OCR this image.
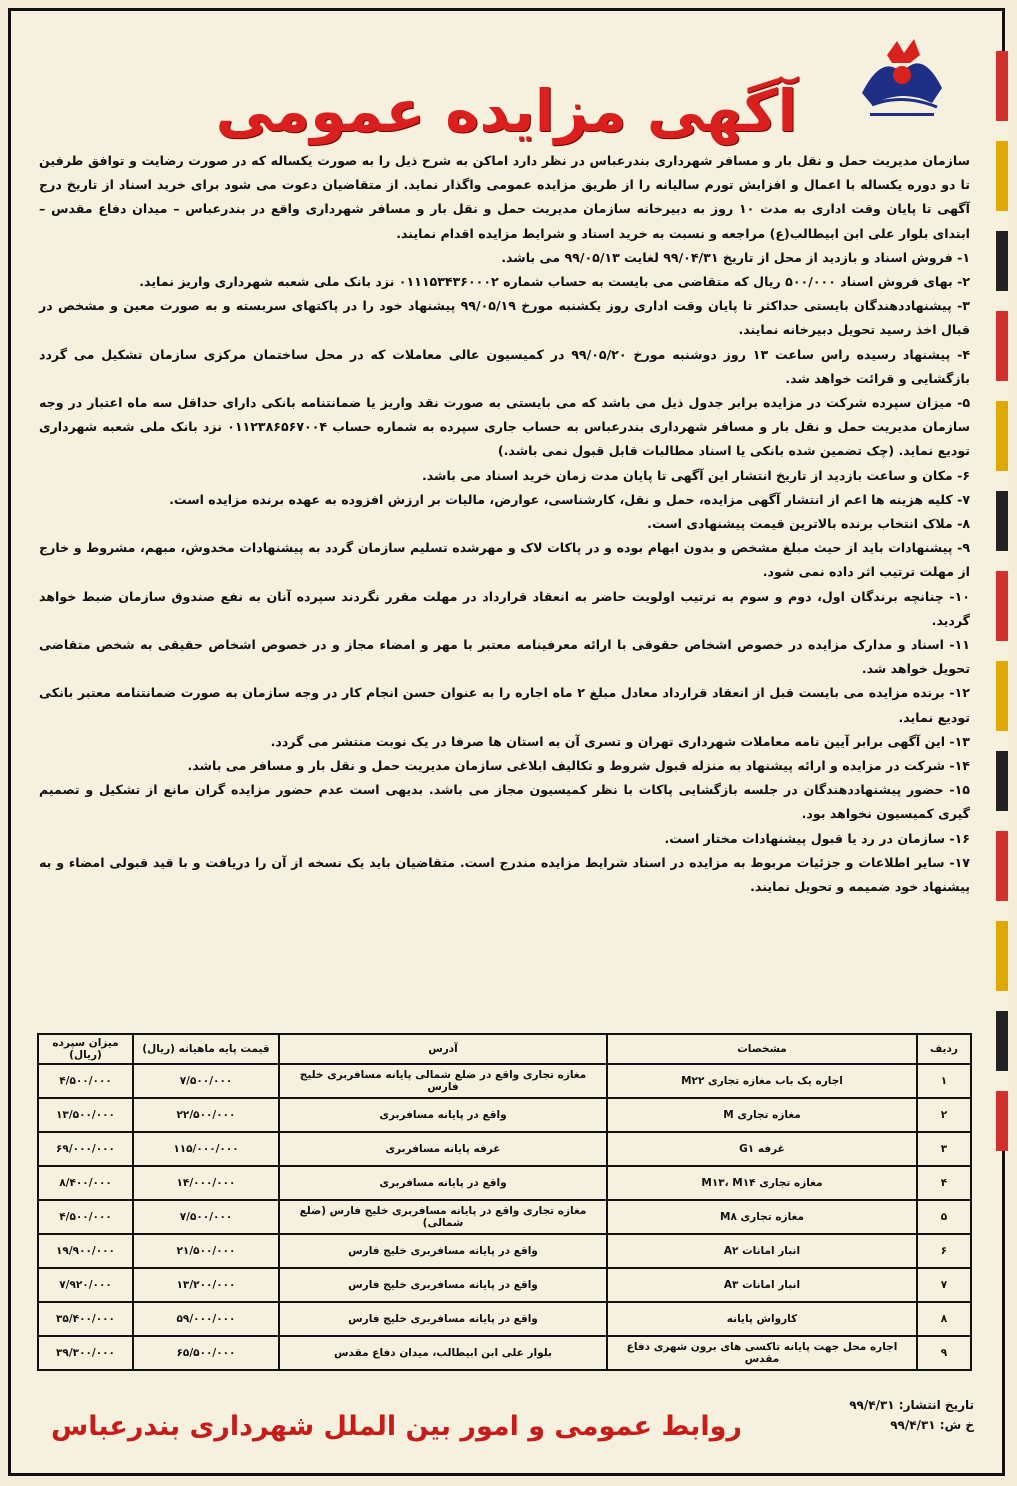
آگهی مزایده عمومی

سازمان مدیریت حمل و نقل بار و مسافر شهرداری بندرعباس در نظر دارد اماکن به شرح ذیل را به صورت یکساله که در صورت رضایت و توافق طرفین تا دو دوره یکساله با اعمال و افزایش تورم سالیانه را از طریق مزایده عمومی واگذار نماید. از متقاضیان دعوت می شود برای خرید اسناد از تاریخ درج آگهی تا پایان وقت اداری به مدت ۱۰ روز به دبیرخانه سازمان مدیریت حمل و نقل بار و مسافر شهرداری واقع در بندرعباس – میدان دفاع مقدس – ابتدای بلوار علی ابن ابیطالب(ع) مراجعه و نسبت به خرید اسناد و شرایط مزایده اقدام نمایند.

۱- فروش اسناد و بازدید از محل از تاریخ ۹۹/۰۴/۳۱ لغایت ۹۹/۰۵/۱۳ می باشد.

۲- بهای فروش اسناد ۵۰۰/۰۰۰ ریال که متقاضی می بایست به حساب شماره ۰۱۱۱۵۳۴۳۶۰۰۰۲ نزد بانک ملی شعبه شهرداری واریز نماید.

۳- پیشنهاددهندگان بایستی حداکثر تا پایان وقت اداری روز یکشنبه مورخ ۹۹/۰۵/۱۹ پیشنهاد خود را در پاکتهای سربسته و به صورت معین و مشخص در قبال اخذ رسید تحویل دبیرخانه نمایند.

۴- پیشنهاد رسیده راس ساعت ۱۳ روز دوشنبه مورخ ۹۹/۰۵/۲۰ در کمیسیون عالی معاملات که در محل ساختمان مرکزی سازمان تشکیل می گردد بازگشایی و قرائت خواهد شد.

۵- میزان سپرده شرکت در مزایده برابر جدول ذیل می باشد که می بایستی به صورت نقد واریز یا ضمانتنامه بانکی دارای حداقل سه ماه اعتبار در وجه سازمان مدیریت حمل و نقل بار و مسافر شهرداری بندرعباس به حساب جاری سپرده به شماره حساب ۰۱۱۲۳۸۶۵۶۷۰۰۴ نزد بانک ملی شعبه شهرداری تودیع نماید. (چک تضمین شده بانکی یا اسناد مطالبات قابل قبول نمی باشد.)

۶- مکان و ساعت بازدید از تاریخ انتشار این آگهی تا پایان مدت زمان خرید اسناد می باشد.

۷- کلیه هزینه ها اعم از انتشار آگهی مزایده، حمل و نقل، کارشناسی، عوارض، مالیات بر ارزش افزوده به عهده برنده مزایده است.

۸- ملاک انتخاب برنده بالاترین قیمت پیشنهادی است.

۹- پیشنهادات باید از حیث مبلغ مشخص و بدون ابهام بوده و در پاکات لاک و مهرشده تسلیم سازمان گردد به پیشنهادات مخدوش، مبهم، مشروط و خارج از مهلت ترتیب اثر داده نمی شود.

۱۰- چنانچه برندگان اول، دوم و سوم به ترتیب اولویت حاضر به انعقاد قرارداد در مهلت مقرر نگردند سپرده آنان به نفع صندوق سازمان ضبط خواهد گردید.

۱۱- اسناد و مدارک مزایده در خصوص اشخاص حقوقی با ارائه معرفینامه معتبر با مهر و امضاء مجاز و در خصوص اشخاص حقیقی به شخص متقاضی تحویل خواهد شد.

۱۲- برنده مزایده می بایست قبل از انعقاد قرارداد معادل مبلغ ۲ ماه اجاره را به عنوان حسن انجام کار در وجه سازمان به صورت ضمانتنامه معتبر بانکی تودیع نماید.

۱۳- این آگهی برابر آیین نامه معاملات شهرداری تهران و تسری آن به استان ها صرفا در یک نوبت منتشر می گردد.

۱۴- شرکت در مزایده و ارائه پیشنهاد به منزله قبول شروط و تکالیف ابلاغی سازمان مدیریت حمل و نقل بار و مسافر می باشد.

۱۵- حضور پیشنهاددهندگان در جلسه بازگشایی پاکات با نظر کمیسیون مجاز می باشد. بدیهی است عدم حضور مزایده گران مانع از تشکیل و تصمیم گیری کمیسیون نخواهد بود.

۱۶- سازمان در رد یا قبول پیشنهادات مختار است.

۱۷- سایر اطلاعات و جزئیات مربوط به مزایده در اسناد شرایط مزایده مندرج است. متقاضیان باید یک نسخه از آن را دریافت و با قید قبولی امضاء و به پیشنهاد خود ضمیمه و تحویل نمایند.

ردیف	مشخصات	آدرس	قیمت پایه ماهیانه (ریال)	میزان سپرده (ریال)
۱	اجاره یک باب مغازه تجاری M۲۲	مغازه تجاری واقع در ضلع شمالی پایانه مسافربری خلیج فارس	۷/۵۰۰/۰۰۰	۴/۵۰۰/۰۰۰
۲	مغازه تجاری M	واقع در پایانه مسافربری	۲۲/۵۰۰/۰۰۰	۱۳/۵۰۰/۰۰۰
۳	غرفه G۱	غرفه پایانه مسافربری	۱۱۵/۰۰۰/۰۰۰	۶۹/۰۰۰/۰۰۰
۴	مغازه تجاری M۱۳، M۱۴	واقع در پایانه مسافربری	۱۴/۰۰۰/۰۰۰	۸/۴۰۰/۰۰۰
۵	مغازه تجاری M۸	مغازه تجاری واقع در پایانه مسافربری خلیج فارس (ضلع شمالی)	۷/۵۰۰/۰۰۰	۴/۵۰۰/۰۰۰
۶	انبار امانات A۲	واقع در پایانه مسافربری خلیج فارس	۲۱/۵۰۰/۰۰۰	۱۹/۹۰۰/۰۰۰
۷	انبار امانات A۳	واقع در پایانه مسافربری خلیج فارس	۱۳/۲۰۰/۰۰۰	۷/۹۲۰/۰۰۰
۸	کارواش پایانه	واقع در پایانه مسافربری خلیج فارس	۵۹/۰۰۰/۰۰۰	۳۵/۴۰۰/۰۰۰
۹	اجاره محل جهت پایانه تاکسی های برون شهری دفاع مقدس	بلوار علی ابن ابیطالب، میدان دفاع مقدس	۶۵/۵۰۰/۰۰۰	۳۹/۳۰۰/۰۰۰
تاریخ انتشار: ۹۹/۴/۳۱
خ ش: ۹۹/۴/۳۱
روابط عمومی و امور بین الملل شهرداری بندرعباس
